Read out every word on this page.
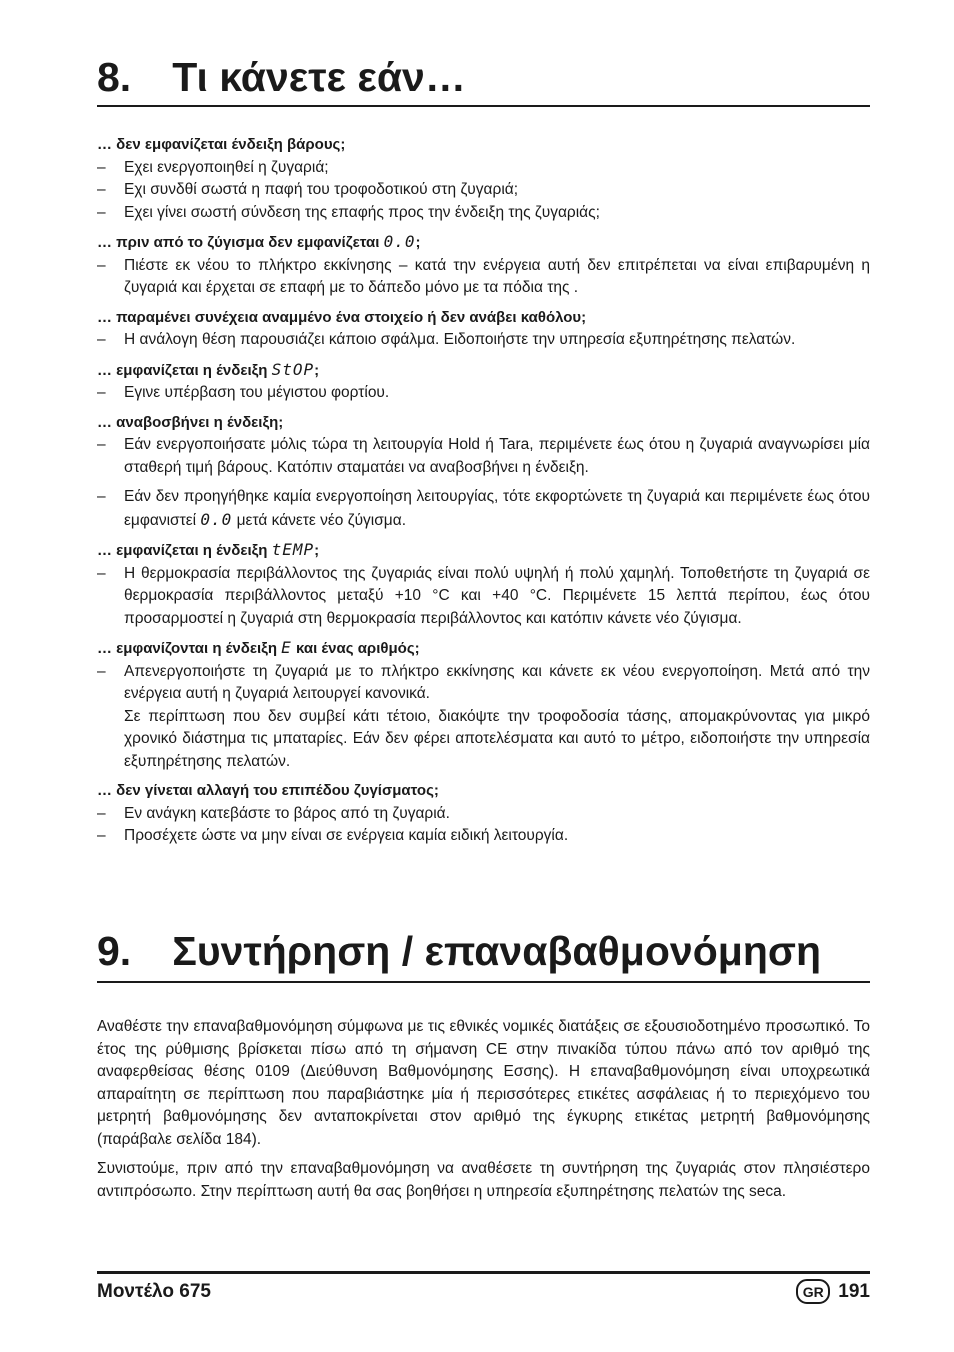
8. Τι κάνετε εάν…
… δεν εμφανίζεται ένδειξη βάρους;
– Εχει ενεργοποιηθεί η ζυγαριά;
– Εχι συνδθί σωστά η παφή του τροφοδοτικού στη ζυγαριά;
– Εχει γίνει σωστή σύνδεση της επαφής προς την ένδειξη της ζυγαριάς;
… πριν από το ζύγισμα δεν εμφανίζεται 0.0;
– Πιέστε εκ νέου το πλήκτρο εκκίνησης – κατά την ενέργεια αυτή δεν επιτρέπεται να είναι επιβαρυμένη η ζυγαριά και έρχεται σε επαφή με το δάπεδο μόνο με τα πόδια της .
… παραμένει συνέχεια αναμμένο ένα στοιχείο ή δεν ανάβει καθόλου;
– Η ανάλογη θέση παρουσιάζει κάποιο σφάλμα. Ειδοποιήστε την υπηρεσία εξυπηρέτησης πελατών.
… εμφανίζεται η ένδειξη StOP;
– Εγινε υπέρβαση του μέγιστου φορτίου.
… αναβοσβήνει η ένδειξη;
– Εάν ενεργοποιήσατε μόλις τώρα τη λειτουργία Hold ή Tara, περιμένετε έως ότου η ζυγαριά αναγνωρίσει μία σταθερή τιμή βάρους. Κατόπιν σταματάει να αναβοσβήνει η ένδειξη.
– Εάν δεν προηγήθηκε καμία ενεργοποίηση λειτουργίας, τότε εκφορτώνετε τη ζυγαριά και περιμένετε έως ότου εμφανιστεί 0.0 μετά κάνετε νέο ζύγισμα.
… εμφανίζεται η ένδειξη tEMP;
– Η θερμοκρασία περιβάλλοντος της ζυγαριάς είναι πολύ υψηλή ή πολύ χαμηλή. Τοποθετήστε τη ζυγαριά σε θερμοκρασία περιβάλλοντος μεταξύ +10 °C και +40 °C. Περιμένετε 15 λεπτά περίπου, έως ότου προσαρμοστεί η ζυγαριά στη θερμοκρασία περιβάλλοντος και κατόπιν κάνετε νέο ζύγισμα.
… εμφανίζονται η ένδειξη E και ένας αριθμός;
– Απενεργοποιήστε τη ζυγαριά με το πλήκτρο εκκίνησης και κάνετε εκ νέου ενεργοποίηση. Μετά από την ενέργεια αυτή η ζυγαριά λειτουργεί κανονικά.
Σε περίπτωση που δεν συμβεί κάτι τέτοιο, διακόψτε την τροφοδοσία τάσης, απομακρύνοντας για μικρό χρονικό διάστημα τις μπαταρίες. Εάν δεν φέρει αποτελέσματα και αυτό το μέτρο, ειδοποιήστε την υπηρεσία εξυπηρέτησης πελατών.
… δεν γίνεται αλλαγή του επιπέδου ζυγίσματος;
– Εν ανάγκη κατεβάστε το βάρος από τη ζυγαριά.
– Προσέχετε ώστε να μην είναι σε ενέργεια καμία ειδική λειτουργία.
9. Συντήρηση / επαναβαθμονόμηση

Αναθέστε την επαναβαθμονόμηση σύμφωνα με τις εθνικές νομικές διατάξεις σε εξουσιοδοτημένο προσωπικό. Το έτος της ρύθμισης βρίσκεται πίσω από τη σήμανση CE στην πινακίδα τύπου πάνω από τον αριθμό της αναφερθείσας θέσης 0109 (Διεύθυνση Βαθμονόμησης Εσσης). Η επαναβαθμονόμηση είναι υποχρεωτικά απαραίτητη σε περίπτωση που παραβιάστηκε μία ή περισσότερες ετικέτες ασφάλειας ή το περιεχόμενο του μετρητή βαθμονόμησης δεν ανταποκρίνεται στον αριθμό της έγκυρης ετικέτας μετρητή βαθμονόμησης (παράβαλε σελίδα 184).

Συνιστούμε, πριν από την επαναβαθμονόμηση να αναθέσετε τη συντήρηση της ζυγαριάς στον πλησιέστερο αντιπρόσωπο. Στην περίπτωση αυτή θα σας βοηθήσει η υπηρεσία εξυπηρέτησης πελατών της seca.

Μοντέλο 675	GR 191
